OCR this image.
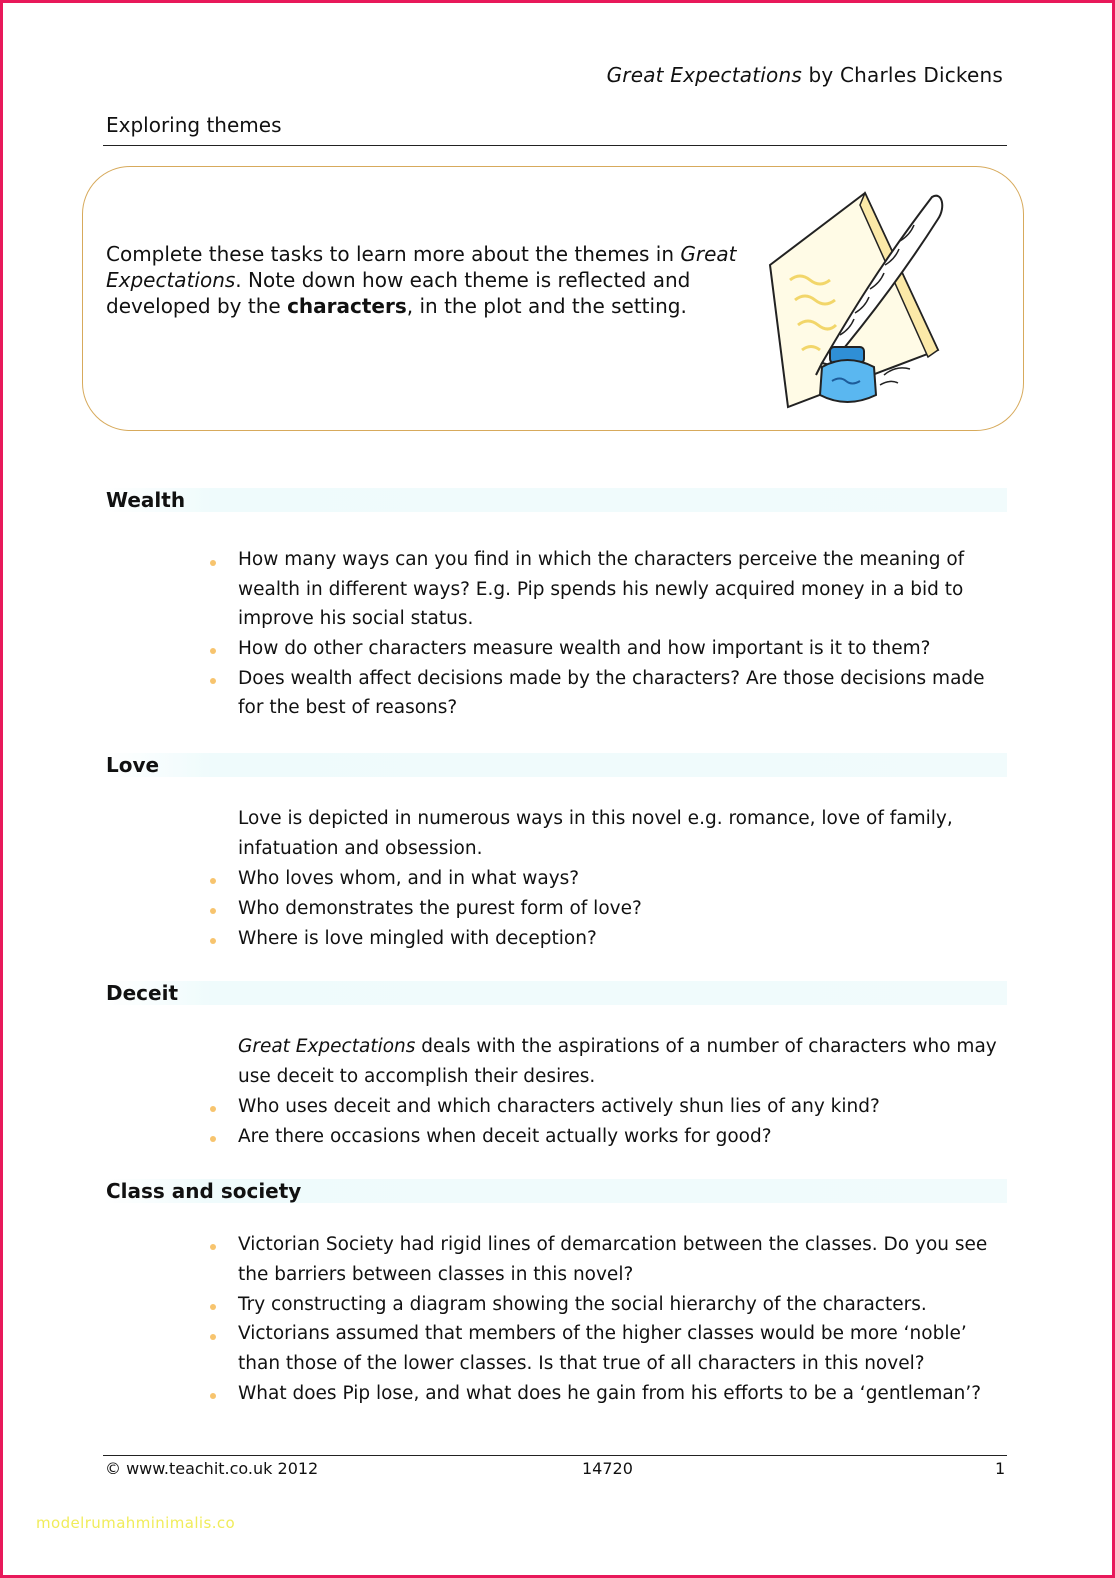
Great Expectations by Charles Dickens
Exploring themes
Complete these tasks to learn more about the themes in Great Expectations. Note down how each theme is reflected and developed by the characters, in the plot and the setting.
Wealth
How many ways can you find in which the characters perceive the meaning of
wealth in different ways? E.g. Pip spends his newly acquired money in a bid to
improve his social status.
How do other characters measure wealth and how important is it to them?
Does wealth affect decisions made by the characters? Are those decisions made
for the best of reasons?
Love
Love is depicted in numerous ways in this novel e.g. romance, love of family,
infatuation and obsession.
Who loves whom, and in what ways?
Who demonstrates the purest form of love?
Where is love mingled with deception?
Deceit
Great Expectations deals with the aspirations of a number of characters who may
use deceit to accomplish their desires.
Who uses deceit and which characters actively shun lies of any kind?
Are there occasions when deceit actually works for good?
Class and society
Victorian Society had rigid lines of demarcation between the classes. Do you see
the barriers between classes in this novel?
Try constructing a diagram showing the social hierarchy of the characters.
Victorians assumed that members of the higher classes would be more ‘noble’
than those of the lower classes. Is that true of all characters in this novel?
What does Pip lose, and what does he gain from his efforts to be a ‘gentleman’?
© www.teachit.co.uk 2012	14720	1
modelrumahminimalis.co
